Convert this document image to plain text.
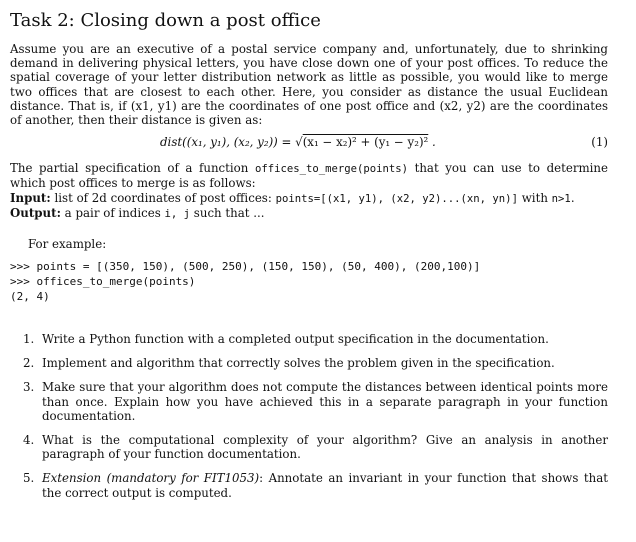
Task 2: Closing down a post office

Assume you are an executive of a postal service company and, unfortunately, due to shrinking demand in delivering physical letters, you have close down one of your post offices. To reduce the spatial coverage of your letter distribution network as little as possible, you would like to merge two offices that are closest to each other. Here, you consider as distance the usual Euclidean distance. That is, if (x1, y1) are the coordinates of one post office and (x2, y2) are the coordinates of another, then their distance is given as:

dist((x₁, y₁), (x₂, y₂)) = √(x₁ − x₂)² + (y₁ − y₂)² .	(1)

The partial specification of a function offices_to_merge(points) that you can use to determine which post offices to merge is as follows:

Input: list of 2d coordinates of post offices: points=[(x1, y1), (x2, y2)...(xn, yn)] with n>1.

Output: a pair of indices i, j such that ...

For example:
>>> points = [(350, 150), (500, 250), (150, 150), (50, 400), (200,100)]
>>> offices_to_merge(points)
(2, 4)
1. Write a Python function with a completed output specification in the documentation.
2. Implement and algorithm that correctly solves the problem given in the specification.
3. Make sure that your algorithm does not compute the distances between identical points more than once. Explain how you have achieved this in a separate paragraph in your function documentation.
4. What is the computational complexity of your algorithm? Give an analysis in another paragraph of your function documentation.
5. Extension (mandatory for FIT1053): Annotate an invariant in your function that shows that the correct output is computed.
